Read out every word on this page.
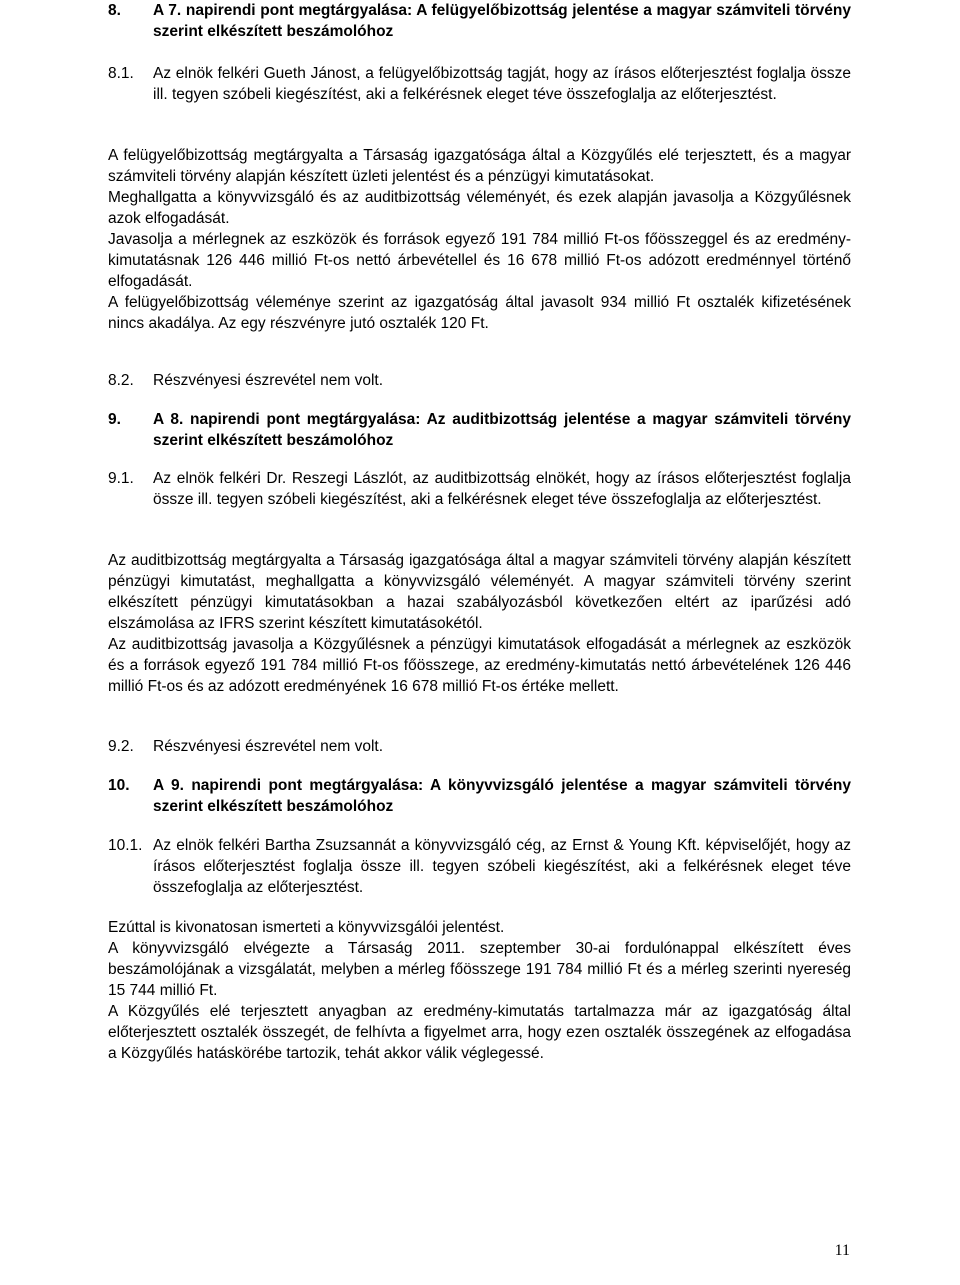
8.	A 7. napirendi pont megtárgyalása: A felügyelőbizottság jelentése a magyar számviteli törvény szerint elkészített beszámolóhoz
8.1.	Az elnök felkéri Gueth Jánost, a felügyelőbizottság tagját, hogy az írásos előterjesztést foglalja össze ill. tegyen szóbeli kiegészítést, aki a felkérésnek eleget téve összefoglalja az előterjesztést.

A felügyelőbizottság megtárgyalta a Társaság igazgatósága által a Közgyűlés elé terjesztett, és a magyar számviteli törvény alapján készített üzleti jelentést és a pénzügyi kimutatásokat.

Meghallgatta a könyvvizsgáló és az auditbizottság véleményét, és ezek alapján javasolja a Közgyűlésnek azok elfogadását.

Javasolja a mérlegnek az eszközök és források egyező 191 784 millió Ft-os főösszeggel és az eredmény-kimutatásnak 126 446 millió Ft-os nettó árbevétellel és 16 678 millió Ft-os adózott eredménnyel történő elfogadását.

A felügyelőbizottság véleménye szerint az igazgatóság által javasolt 934 millió Ft osztalék kifizetésének nincs akadálya. Az egy részvényre jutó osztalék 120 Ft.

8.2.	Részvényesi észrevétel nem volt.
9.	A 8. napirendi pont megtárgyalása: Az auditbizottság jelentése a magyar számviteli törvény szerint elkészített beszámolóhoz
9.1.	Az elnök felkéri Dr. Reszegi Lászlót, az auditbizottság elnökét, hogy az írásos előterjesztést foglalja össze ill. tegyen szóbeli kiegészítést, aki a felkérésnek eleget téve összefoglalja az előterjesztést.

Az auditbizottság megtárgyalta a Társaság igazgatósága által a magyar számviteli törvény alapján készített pénzügyi kimutatást, meghallgatta a könyvvizsgáló véleményét. A magyar számviteli törvény szerint elkészített pénzügyi kimutatásokban a hazai szabályozásból következően eltért az iparűzési adó elszámolása az IFRS szerint készített kimutatásokétól.

Az auditbizottság javasolja a Közgyűlésnek a pénzügyi kimutatások elfogadását a mérlegnek az eszközök és a források egyező 191 784 millió Ft-os főösszege, az eredmény-kimutatás nettó árbevételének 126 446 millió Ft-os és az adózott eredményének 16 678 millió Ft-os értéke mellett.

9.2.	Részvényesi észrevétel nem volt.
10.	A 9. napirendi pont megtárgyalása: A könyvvizsgáló jelentése a magyar számviteli törvény szerint elkészített beszámolóhoz
10.1. Az elnök felkéri Bartha Zsuzsannát a könyvvizsgáló cég, az Ernst & Young Kft. képviselőjét, hogy az írásos előterjesztést foglalja össze ill. tegyen szóbeli kiegészítést, aki a felkérésnek eleget téve összefoglalja az előterjesztést.

Ezúttal is kivonatosan ismerteti a könyvvizsgálói jelentést.

A könyvvizsgáló elvégezte a Társaság 2011. szeptember 30-ai fordulónappal elkészített éves beszámolójának a vizsgálatát, melyben a mérleg főösszege 191 784 millió Ft és a mérleg szerinti nyereség 15 744 millió Ft.

A Közgyűlés elé terjesztett anyagban az eredmény-kimutatás tartalmazza már az igazgatóság által előterjesztett osztalék összegét, de felhívta a figyelmet arra, hogy ezen osztalék összegének az elfogadása a Közgyűlés hatáskörébe tartozik, tehát akkor válik véglegessé.

11
